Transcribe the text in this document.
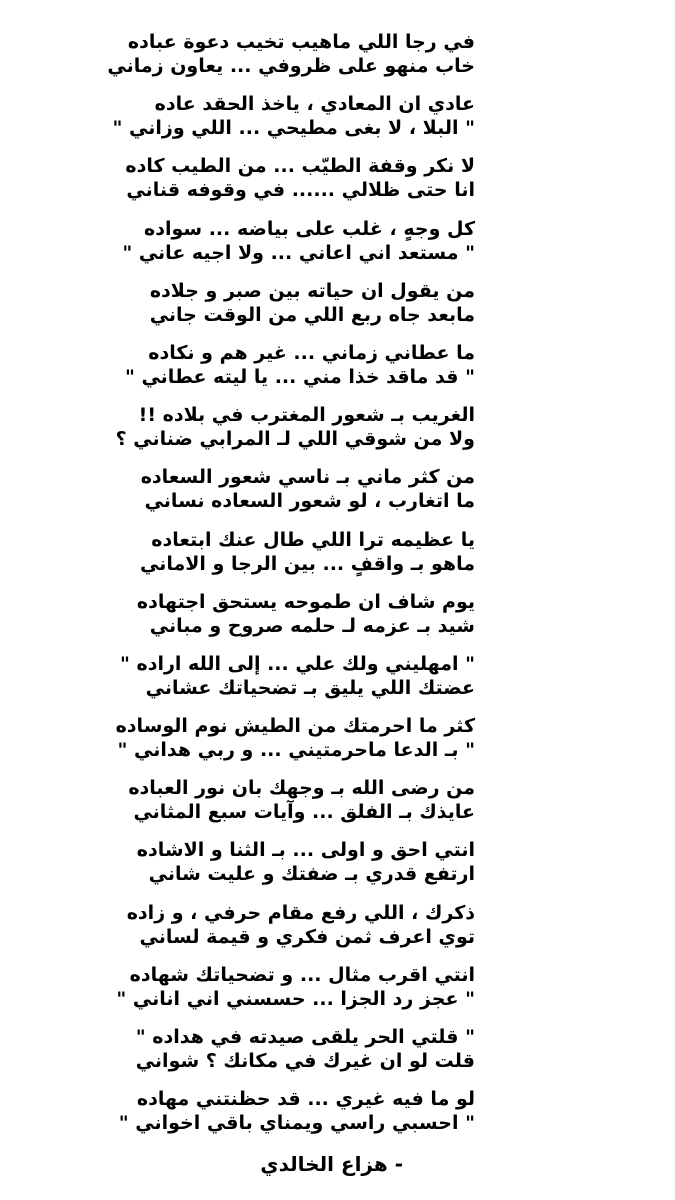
في رجا اللي ماهيب تخيب دعوة عباده
خاب منهو على ظروفي ... يعاون زماني
عادي ان المعادي ، ياخذ الحقد عاده
" البلا ، لا بغى مطيحي ... اللي وزاني "
لا نكر وقفة الطيّب ... من الطيب كاده
انا حتى ظلالي ...... في وقوفه قناني
كل وجهٍ ، غلب على بياضه ... سواده
" مستعد اني اعاني ... ولا اجيه عاني "
من يقول ان حياته بين صبر و جلاده
مابعد جاه ربع اللي من الوقت جاني
ما عطاني زماني ... غير هم و نكاده
" قد ماقد خذا مني ... يا ليته عطاني "
الغريب بـ شعور المغترب في بلاده !!
ولا من شوقي اللي لـ المرابي ضناني ؟
من كثر ماني بـ ناسي شعور السعاده
ما اتغارب ، لو شعور السعاده نساني
يا عظيمه ترا اللي طال عنك ابتعاده
ماهو بـ واقفٍ ... بين الرجا و الاماني
يوم شاف ان طموحه يستحق اجتهاده
شيد بـ عزمه لـ حلمه صروح و مباني
" امهليني ولك علي ... إلى الله اراده "
عضتك اللي يليق بـ تضحياتك عشاني
كثر ما احرمتك من الطيش نوم الوساده
" بـ الدعا ماحرمتيني ... و ربي هداني "
من رضى الله بـ وجهك بان نور العباده
عايذك بـ الفلق ... وآيات سبع المثاني
انتي احق و اولى ... بـ الثنا و الاشاده
ارتفع قدري بـ ضفتك و عليت شاني
ذكرك ، اللي رفع مقام حرفي ، و زاده
توي اعرف ثمن فكري و قيمة لساني
انتي اقرب مثال ... و تضحياتك شهاده
" عجز رد الجزا ... حسسني اني اناني "
" قلتي الحر يلقى صيدته في هداده "
قلت لو ان غيرك في مكانك ؟ شواني
لو ما فيه غيري ... قد حظنتني مهاده
" احسبي راسي ويمناي باقي اخواني "
- هزاع الخالدي
